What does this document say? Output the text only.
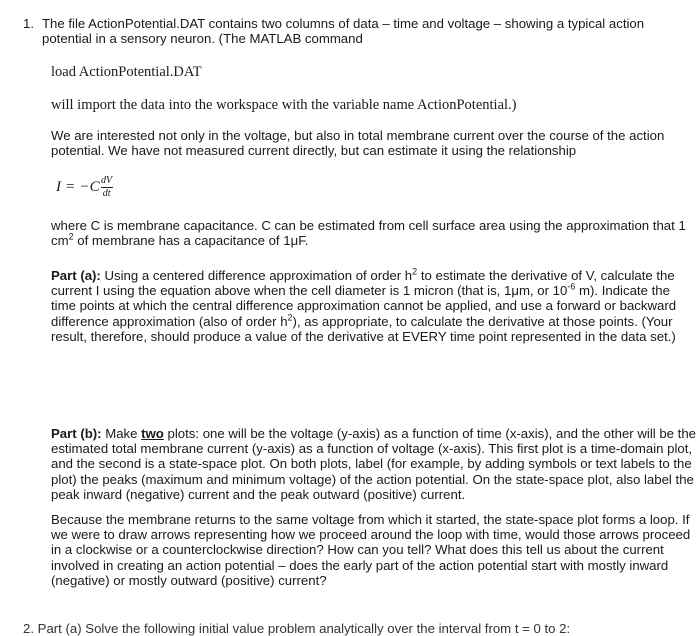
1. The file ActionPotential.DAT contains two columns of data – time and voltage – showing a typical action potential in a sensory neuron. (The MATLAB command

load ActionPotential.DAT
will import the data into the workspace with the variable name ActionPotential.)

We are interested not only in the voltage, but also in total membrane current over the course of the action potential. We have not measured current directly, but can estimate it using the relationship

$I = -C \frac{dV}{dt}$

where C is membrane capacitance. C can be estimated from cell surface area using the approximation that 1 $cm^2$ of membrane has a capacitance of 1μF.

Part (a): Using a centered difference approximation of order $h^2$ to estimate the derivative of V, calculate the current I using the equation above when the cell diameter is 1 micron (that is, 1μm, or $10^{-6}$ m). Indicate the time points at which the central difference approximation cannot be applied, and use a forward or backward difference approximation (also of order $h^2$), as appropriate, to calculate the derivative at those points. (Your result, therefore, should produce a value of the derivative at EVERY time point represented in the data set.)

Part (b): Make two plots: one will be the voltage (y-axis) as a function of time (x-axis), and the other will be the estimated total membrane current (y-axis) as a function of voltage (x-axis). This first plot is a time-domain plot, and the second is a state-space plot. On both plots, label (for example, by adding symbols or text labels to the plot) the peaks (maximum and minimum voltage) of the action potential. On the state-space plot, also label the peak inward (negative) current and the peak outward (positive) current.

Because the membrane returns to the same voltage from which it started, the state-space plot forms a loop. If we were to draw arrows representing how we proceed around the loop with time, would those arrows proceed in a clockwise or a counterclockwise direction? How can you tell? What does this tell us about the current involved in creating an action potential – does the early part of the action potential start with mostly inward (negative) or mostly outward (positive) current?

2. Part (a) Solve the following initial value problem analytically over the interval from t = 0 to 2:
